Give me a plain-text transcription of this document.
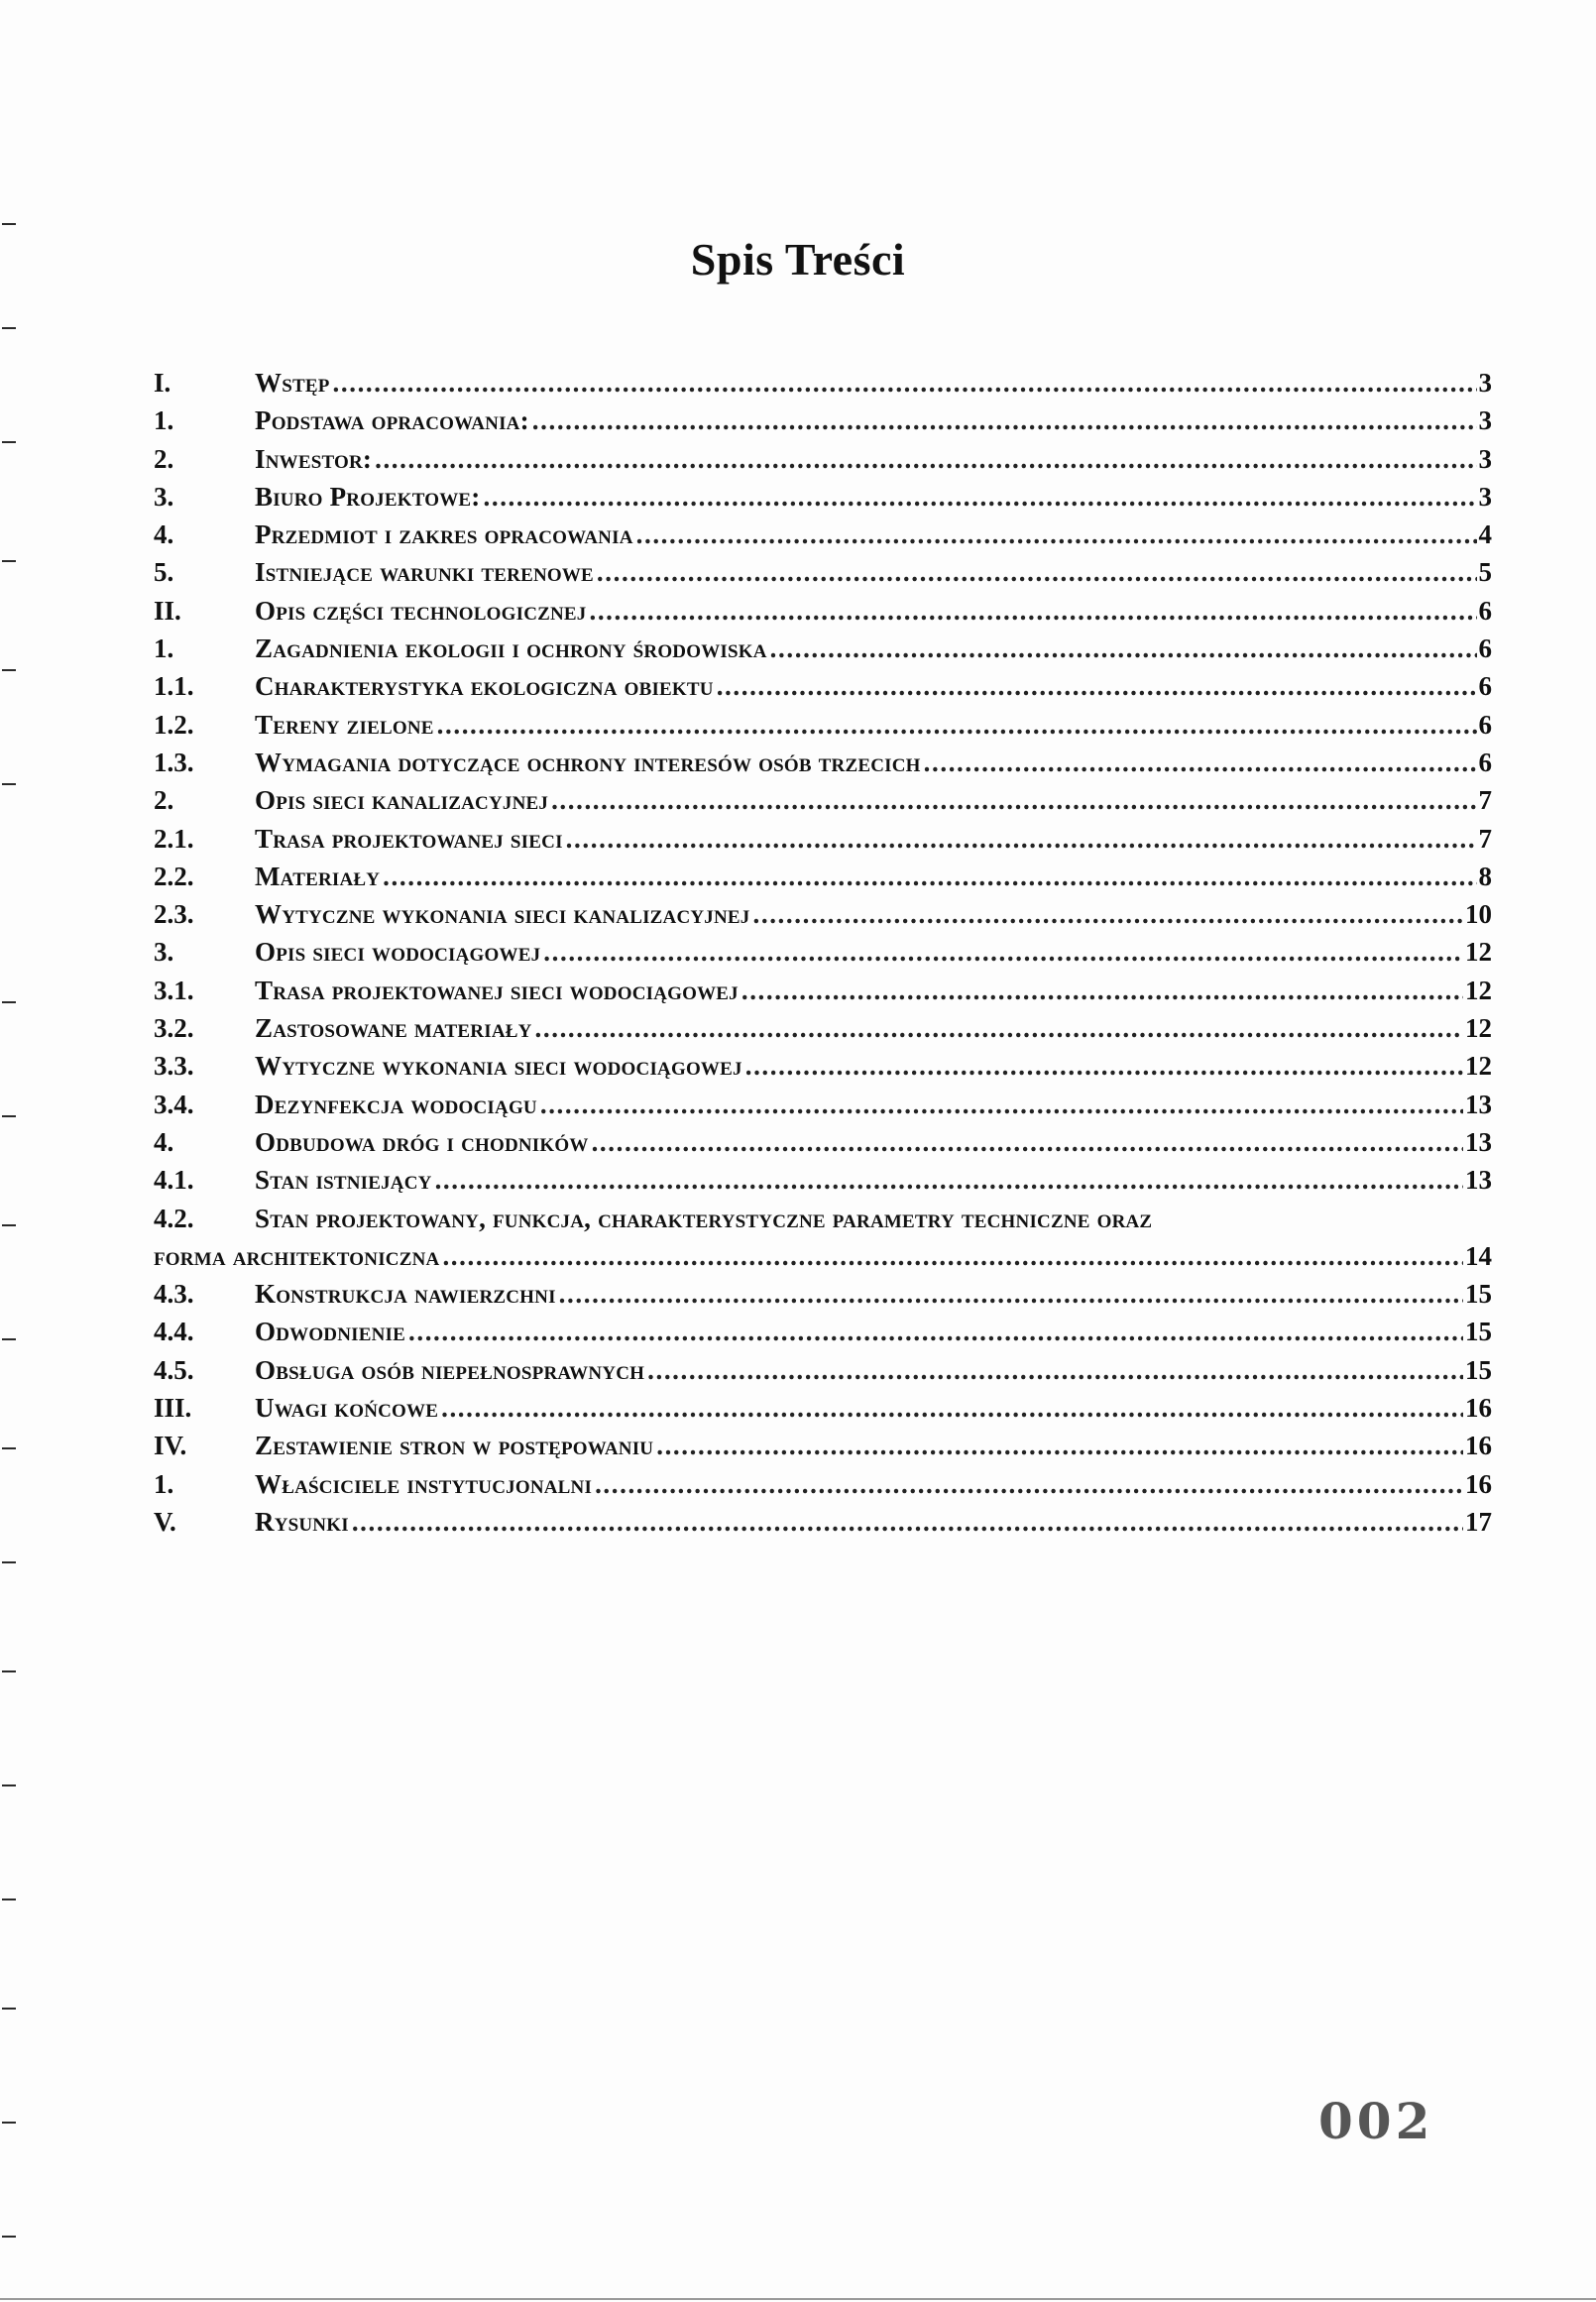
Spis Treści
I.	Wstęp .....	3
1.	Podstawa opracowania: .....	3
2.	Inwestor: .....	3
3.	Biuro Projektowe: .....	3
4.	Przedmiot i zakres opracowania .....	4
5.	Istniejące warunki terenowe .....	5
II.	Opis części technologicznej .....	6
1.	Zagadnienia ekologii i ochrony środowiska .....	6
1.1.	Charakterystyka ekologiczna obiektu .....	6
1.2.	Tereny zielone .....	6
1.3.	Wymagania dotyczące ochrony interesów osób trzecich .....	6
2.	Opis sieci kanalizacyjnej .....	7
2.1.	Trasa projektowanej sieci .....	7
2.2.	Materiały .....	8
2.3.	Wytyczne wykonania sieci kanalizacyjnej .....	10
3.	Opis sieci wodociągowej .....	12
3.1.	Trasa projektowanej sieci wodociągowej .....	12
3.2.	Zastosowane materiały .....	12
3.3.	Wytyczne wykonania sieci wodociągowej .....	12
3.4.	Dezynfekcja wodociągu .....	13
4.	Odbudowa dróg i chodników .....	13
4.1.	Stan istniejący .....	13
4.2.	Stan projektowany, funkcja, charakterystyczne parametry techniczne oraz
forma architektoniczna .....	14
4.3.	Konstrukcja nawierzchni .....	15
4.4.	Odwodnienie .....	15
4.5.	Obsługa osób niepełnosprawnych .....	15
III.	Uwagi końcowe .....	16
IV.	Zestawienie stron w postępowaniu .....	16
1.	Właściciele instytucjonalni .....	16
V.	Rysunki .....	17
002
